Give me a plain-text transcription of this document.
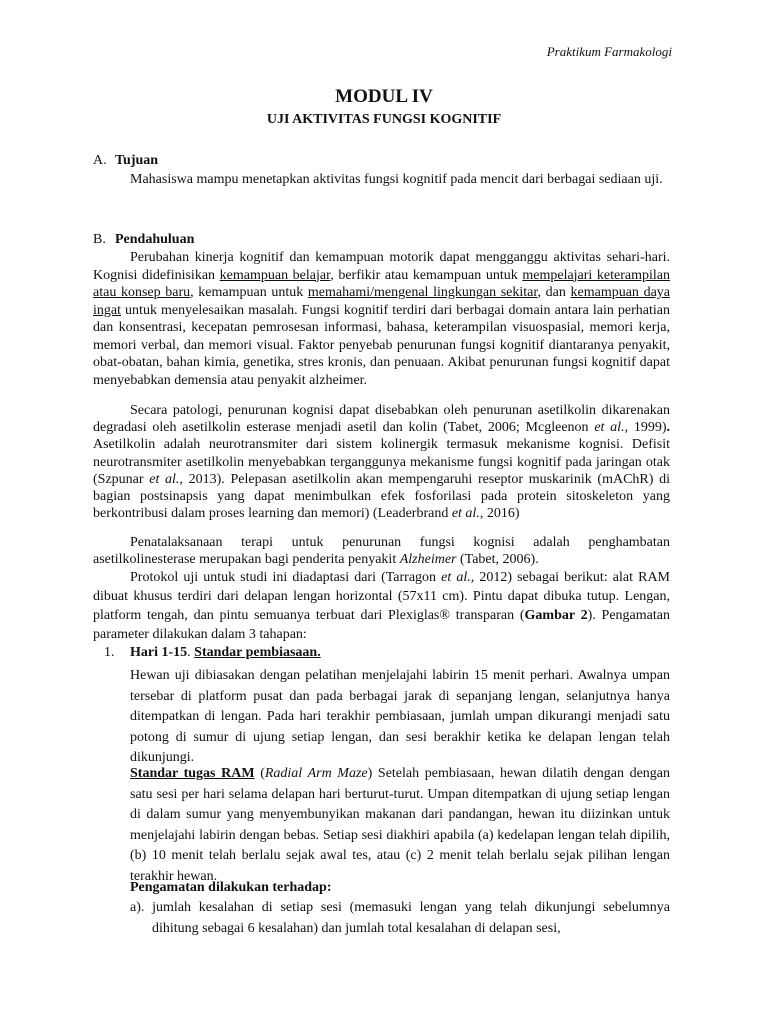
Praktikum Farmakologi
MODUL IV
UJI AKTIVITAS FUNGSI KOGNITIF
A. Tujuan

Mahasiswa mampu menetapkan aktivitas fungsi kognitif pada mencit dari berbagai sediaan uji.

B. Pendahuluan

Perubahan kinerja kognitif dan kemampuan motorik dapat mengganggu aktivitas sehari-hari. Kognisi didefinisikan kemampuan belajar, berfikir atau kemampuan untuk mempelajari keterampilan atau konsep baru, kemampuan untuk memahami/mengenal lingkungan sekitar, dan kemampuan daya ingat untuk menyelesaikan masalah. Fungsi kognitif terdiri dari berbagai domain antara lain perhatian dan konsentrasi, kecepatan pemrosesan informasi, bahasa, keterampilan visuospasial, memori kerja, memori verbal, dan memori visual. Faktor penyebab penurunan fungsi kognitif diantaranya penyakit, obat-obatan, bahan kimia, genetika, stres kronis, dan penuaan. Akibat penurunan fungsi kognitif dapat menyebabkan demensia atau penyakit alzheimer.

Secara patologi, penurunan kognisi dapat disebabkan oleh penurunan asetilkolin dikarenakan degradasi oleh asetilkolin esterase menjadi asetil dan kolin (Tabet, 2006; Mcgleenon et al., 1999). Asetilkolin adalah neurotransmiter dari sistem kolinergik termasuk mekanisme kognisi. Defisit neurotransmiter asetilkolin menyebabkan terganggunya mekanisme fungsi kognitif pada jaringan otak (Szpunar et al., 2013). Pelepasan asetilkolin akan mempengaruhi reseptor muskarinik (mAChR) di bagian postsinapsis yang dapat menimbulkan efek fosforilasi pada protein sitoskeleton yang berkontribusi dalam proses learning dan memori) (Leaderbrand et al., 2016)

Penatalaksanaan terapi untuk penurunan fungsi kognisi adalah penghambatan asetilkolinesterase merupakan bagi penderita penyakit Alzheimer (Tabet, 2006).

Protokol uji untuk studi ini diadaptasi dari (Tarragon et al., 2012) sebagai berikut: alat RAM dibuat khusus terdiri dari delapan lengan horizontal (57x11 cm). Pintu dapat dibuka tutup. Lengan, platform tengah, dan pintu semuanya terbuat dari Plexiglas® transparan (Gambar 2). Pengamatan parameter dilakukan dalam 3 tahapan:

1. Hari 1-15. Standar pembiasaan.

Hewan uji dibiasakan dengan pelatihan menjelajahi labirin 15 menit perhari. Awalnya umpan tersebar di platform pusat dan pada berbagai jarak di sepanjang lengan, selanjutnya hanya ditempatkan di lengan. Pada hari terakhir pembiasaan, jumlah umpan dikurangi menjadi satu potong di sumur di ujung setiap lengan, dan sesi berakhir ketika ke delapan lengan telah dikunjungi.

Standar tugas RAM (Radial Arm Maze) Setelah pembiasaan, hewan dilatih dengan dengan satu sesi per hari selama delapan hari berturut-turut. Umpan ditempatkan di ujung setiap lengan di dalam sumur yang menyembunyikan makanan dari pandangan, hewan itu diizinkan untuk menjelajahi labirin dengan bebas. Setiap sesi diakhiri apabila (a) kedelapan lengan telah dipilih, (b) 10 menit telah berlalu sejak awal tes, atau (c) 2 menit telah berlalu sejak pilihan lengan terakhir hewan.

Pengamatan dilakukan terhadap:

a). jumlah kesalahan di setiap sesi (memasuki lengan yang telah dikunjungi sebelumnya dihitung sebagai 6 kesalahan) dan jumlah total kesalahan di delapan sesi,
